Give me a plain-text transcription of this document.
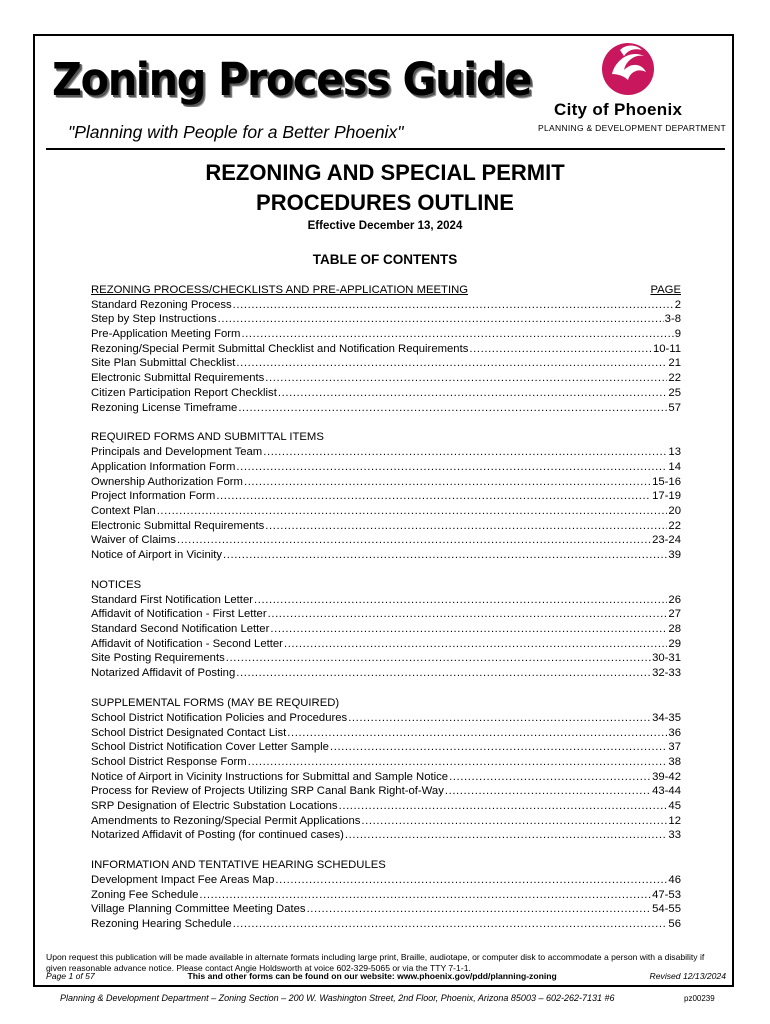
Zoning Process Guide
"Planning with People for a Better Phoenix"
City of Phoenix
PLANNING & DEVELOPMENT DEPARTMENT
REZONING AND SPECIAL PERMIT
PROCEDURES OUTLINE
Effective December 13, 2024
TABLE OF CONTENTS
REZONING PROCESS/CHECKLISTS AND PRE-APPLICATION MEETING	PAGE
Standard Rezoning Process .....	2
Step by Step Instructions .....	3-8
Pre-Application Meeting Form .....	9
Rezoning/Special Permit Submittal Checklist and Notification Requirements .....	10-11
Site Plan Submittal Checklist .....	21
Electronic Submittal Requirements .....	22
Citizen Participation Report Checklist .....	25
Rezoning License Timeframe .....	57
REQUIRED FORMS AND SUBMITTAL ITEMS
Principals and Development Team .....	13
Application Information Form .....	14
Ownership Authorization Form .....	15-16
Project Information Form .....	17-19
Context Plan .....	20
Electronic Submittal Requirements .....	22
Waiver of Claims .....	23-24
Notice of Airport in Vicinity .....	39
NOTICES
Standard First Notification Letter .....	26
Affidavit of Notification - First Letter .....	27
Standard Second Notification Letter .....	28
Affidavit of Notification - Second Letter .....	29
Site Posting Requirements .....	30-31
Notarized Affidavit of Posting .....	32-33
SUPPLEMENTAL FORMS (MAY BE REQUIRED)
School District Notification Policies and Procedures .....	34-35
School District Designated Contact List .....	36
School District Notification Cover Letter Sample .....	37
School District Response Form .....	38
Notice of Airport in Vicinity Instructions for Submittal and Sample Notice .....	39-42
Process for Review of Projects Utilizing SRP Canal Bank Right-of-Way .....	43-44
SRP Designation of Electric Substation Locations .....	45
Amendments to Rezoning/Special Permit Applications .....	12
Notarized Affidavit of Posting (for continued cases) .....	33
INFORMATION AND TENTATIVE HEARING SCHEDULES
Development Impact Fee Areas Map .....	46
Zoning Fee Schedule .....	47-53
Village Planning Committee Meeting Dates .....	54-55
Rezoning Hearing Schedule .....	56
Upon request this publication will be made available in alternate formats including large print, Braille, audiotape, or computer disk to accommodate a person with a disability if given reasonable advance notice. Please contact Angie Holdsworth at voice 602-329-5065 or via the TTY 7-1-1.
Page 1 of 57	This and other forms can be found on our website: www.phoenix.gov/pdd/planning-zoning	Revised 12/13/2024
Planning & Development Department – Zoning Section – 200 W. Washington Street, 2nd Floor, Phoenix, Arizona 85003 – 602-262-7131 #6	pz00239
